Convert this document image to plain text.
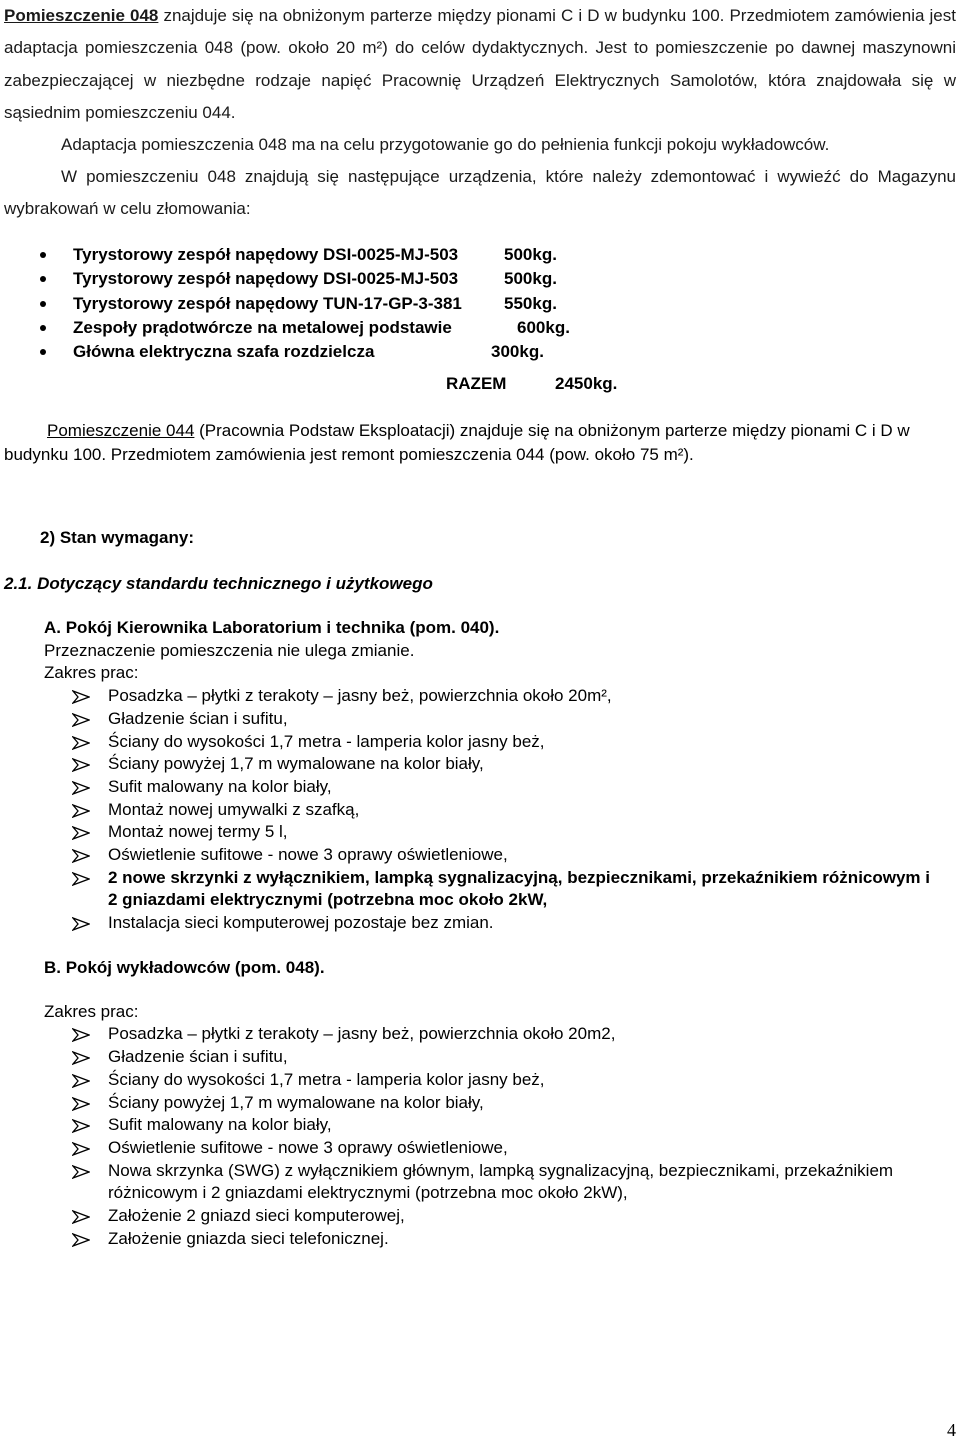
Pomieszczenie 048 znajduje się na obniżonym parterze między pionami C i D w budynku 100. Przedmiotem zamówienia jest adaptacja pomieszczenia 048 (pow. około 20 m²) do celów dydaktycznych. Jest to pomieszczenie po dawnej maszynowni zabezpieczającej w niezbędne rodzaje napięć Pracownię Urządzeń Elektrycznych Samolotów, która znajdowała się w sąsiednim pomieszczeniu 044.

Adaptacja pomieszczenia 048 ma na celu przygotowanie go do pełnienia funkcji pokoju wykładowców.

W pomieszczeniu 048 znajdują się następujące urządzenia, które należy zdemontować i wywieźć do Magazynu wybrakowań w celu złomowania:

Tyrystorowy zespół napędowy DSI-0025-MJ-503	500kg.
Tyrystorowy zespół napędowy DSI-0025-MJ-503	500kg.
Tyrystorowy zespół napędowy TUN-17-GP-3-381 550kg.
Zespoły prądotwórcze na metalowej podstawie	600kg.
Główna elektryczna szafa rozdzielcza	300kg.
RAZEM	2450kg.

Pomieszczenie 044 (Pracownia Podstaw Eksploatacji) znajduje się na obniżonym parterze między pionami C i D w budynku 100. Przedmiotem zamówienia jest remont pomieszczenia 044 (pow. około 75 m²).

2) Stan wymagany:
2.1. Dotyczący standardu technicznego i użytkowego
A. Pokój Kierownika Laboratorium i technika (pom. 040).
Przeznaczenie pomieszczenia nie ulega zmianie.
Zakres prac:
Posadzka – płytki z terakoty – jasny beż, powierzchnia około 20m²,
Gładzenie ścian i sufitu,
Ściany do wysokości 1,7 metra - lamperia kolor jasny beż,
Ściany powyżej 1,7 m wymalowane na kolor biały,
Sufit malowany na kolor biały,
Montaż nowej umywalki z szafką,
Montaż nowej termy 5 l,
Oświetlenie sufitowe - nowe 3 oprawy oświetleniowe,
2 nowe skrzynki z wyłącznikiem, lampką sygnalizacyjną, bezpiecznikami, przekaźnikiem różnicowym i 2 gniazdami elektrycznymi (potrzebna moc około 2kW,
Instalacja sieci komputerowej pozostaje bez zmian.
B. Pokój wykładowców (pom. 048).
Zakres prac:
Posadzka – płytki z terakoty – jasny beż, powierzchnia około 20m2,
Gładzenie ścian i sufitu,
Ściany do wysokości 1,7 metra - lamperia kolor jasny beż,
Ściany powyżej 1,7 m wymalowane na kolor biały,
Sufit malowany na kolor biały,
Oświetlenie sufitowe - nowe 3 oprawy oświetleniowe,
Nowa skrzynka (SWG) z wyłącznikiem głównym, lampką sygnalizacyjną, bezpiecznikami, przekaźnikiem różnicowym i 2 gniazdami elektrycznymi (potrzebna moc około 2kW),
Założenie 2 gniazd sieci komputerowej,
Założenie gniazda sieci telefonicznej.
4
